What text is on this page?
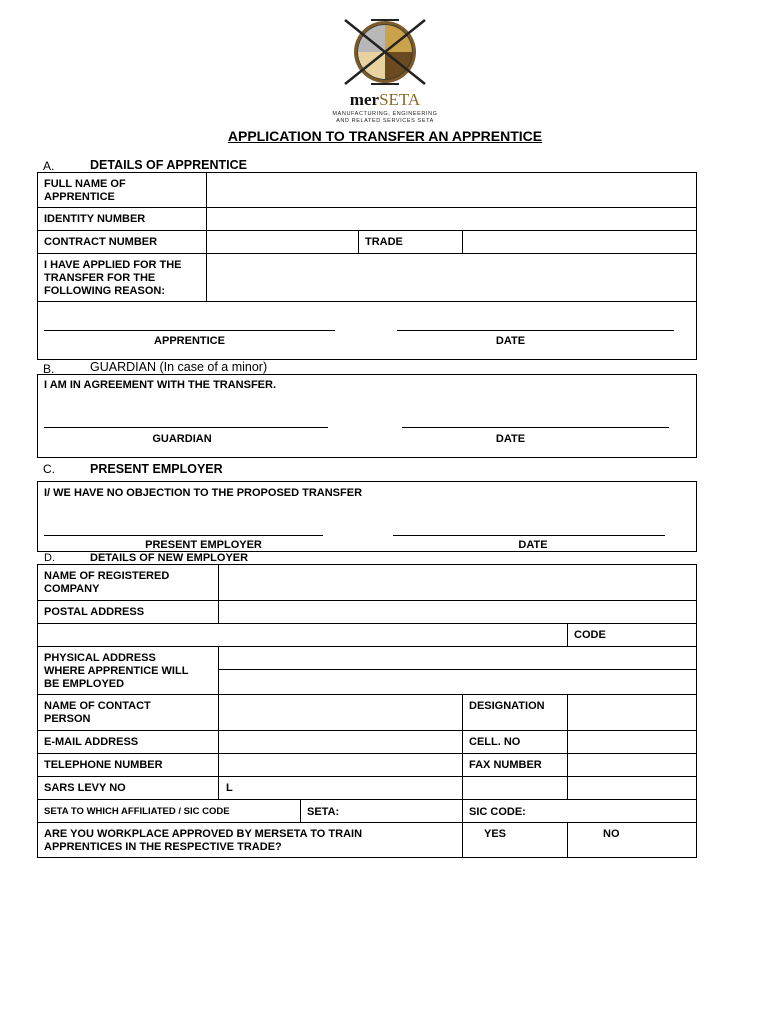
merSETA
MANUFACTURING, ENGINEERING
AND RELATED SERVICES SETA
APPLICATION TO TRANSFER AN APPRENTICE
A.	DETAILS OF APPRENTICE
FULL NAME OF
APPRENTICE
IDENTITY NUMBER
CONTRACT NUMBER	TRADE
I HAVE APPLIED FOR THE
TRANSFER FOR THE
FOLLOWING REASON:
APPRENTICE	DATE
B.	GUARDIAN (In case of a minor)
I AM IN AGREEMENT WITH THE TRANSFER.
GUARDIAN	DATE
C.	PRESENT EMPLOYER
I/ WE HAVE NO OBJECTION TO THE PROPOSED TRANSFER
PRESENT EMPLOYER	DATE
D.	DETAILS OF NEW EMPLOYER
NAME OF REGISTERED
COMPANY
POSTAL ADDRESS
CODE
PHYSICAL ADDRESS
WHERE APPRENTICE WILL
BE EMPLOYED
NAME OF CONTACT
PERSON
DESIGNATION
E-MAIL ADDRESS	CELL. NO
TELEPHONE NUMBER	FAX NUMBER
SARS LEVY NO	L
SETA TO WHICH AFFILIATED / SIC CODE	SETA:	SIC CODE:
ARE YOU WORKPLACE APPROVED BY MERSETA TO TRAIN
APPRENTICES IN THE RESPECTIVE TRADE?
YES	NO
